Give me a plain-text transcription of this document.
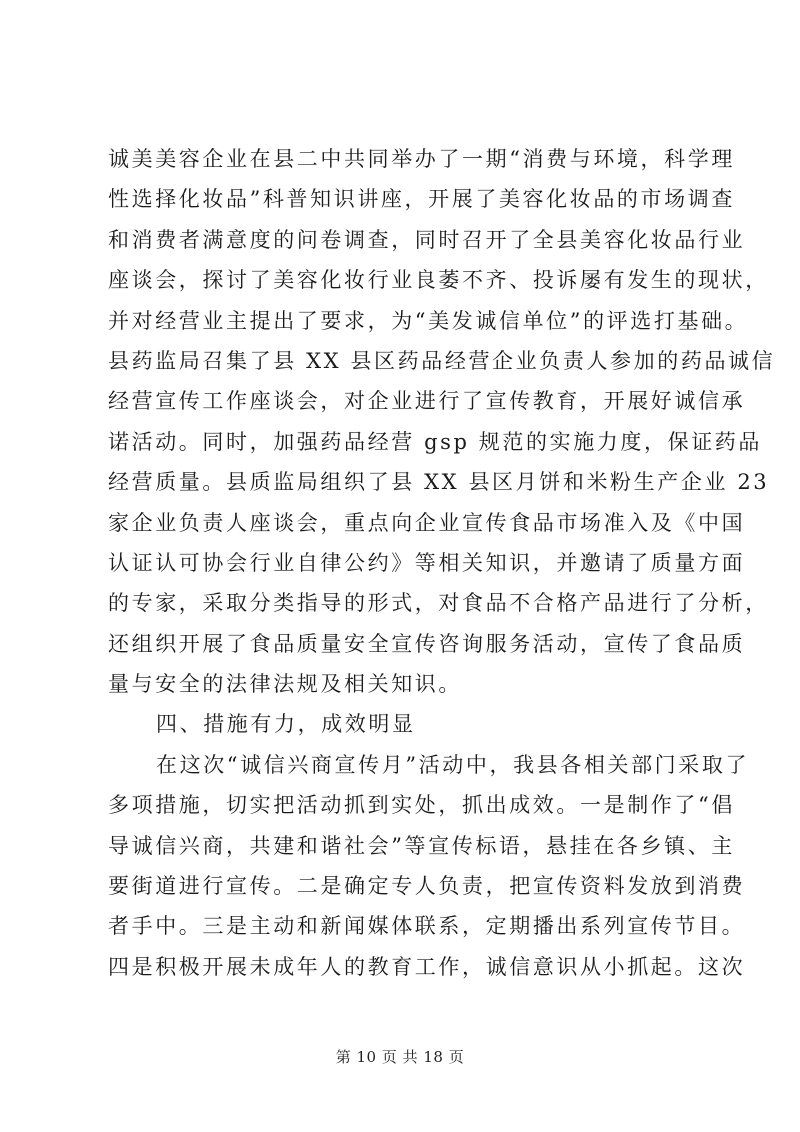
诚美美容企业在县二中共同举办了一期“消费与环境，科学理
性选择化妆品”科普知识讲座，开展了美容化妆品的市场调查
和消费者满意度的问卷调查，同时召开了全县美容化妆品行业
座谈会，探讨了美容化妆行业良萎不齐、投诉屡有发生的现状，
并对经营业主提出了要求，为“美发诚信单位”的评选打基础。
县药监局召集了县 XX 县区药品经营企业负责人参加的药品诚信
经营宣传工作座谈会，对企业进行了宣传教育，开展好诚信承
诺活动。同时，加强药品经营 gsp 规范的实施力度，保证药品
经营质量。县质监局组织了县 XX 县区月饼和米粉生产企业 23
家企业负责人座谈会，重点向企业宣传食品市场准入及《中国
认证认可协会行业自律公约》等相关知识，并邀请了质量方面
的专家，采取分类指导的形式，对食品不合格产品进行了分析，
还组织开展了食品质量安全宣传咨询服务活动，宣传了食品质
量与安全的法律法规及相关知识。
四、措施有力，成效明显
在这次“诚信兴商宣传月”活动中，我县各相关部门采取了
多项措施，切实把活动抓到实处，抓出成效。一是制作了“倡
导诚信兴商，共建和谐社会”等宣传标语，悬挂在各乡镇、主
要街道进行宣传。二是确定专人负责，把宣传资料发放到消费
者手中。三是主动和新闻媒体联系，定期播出系列宣传节目。
四是积极开展未成年人的教育工作，诚信意识从小抓起。这次
第 10 页 共 18 页
